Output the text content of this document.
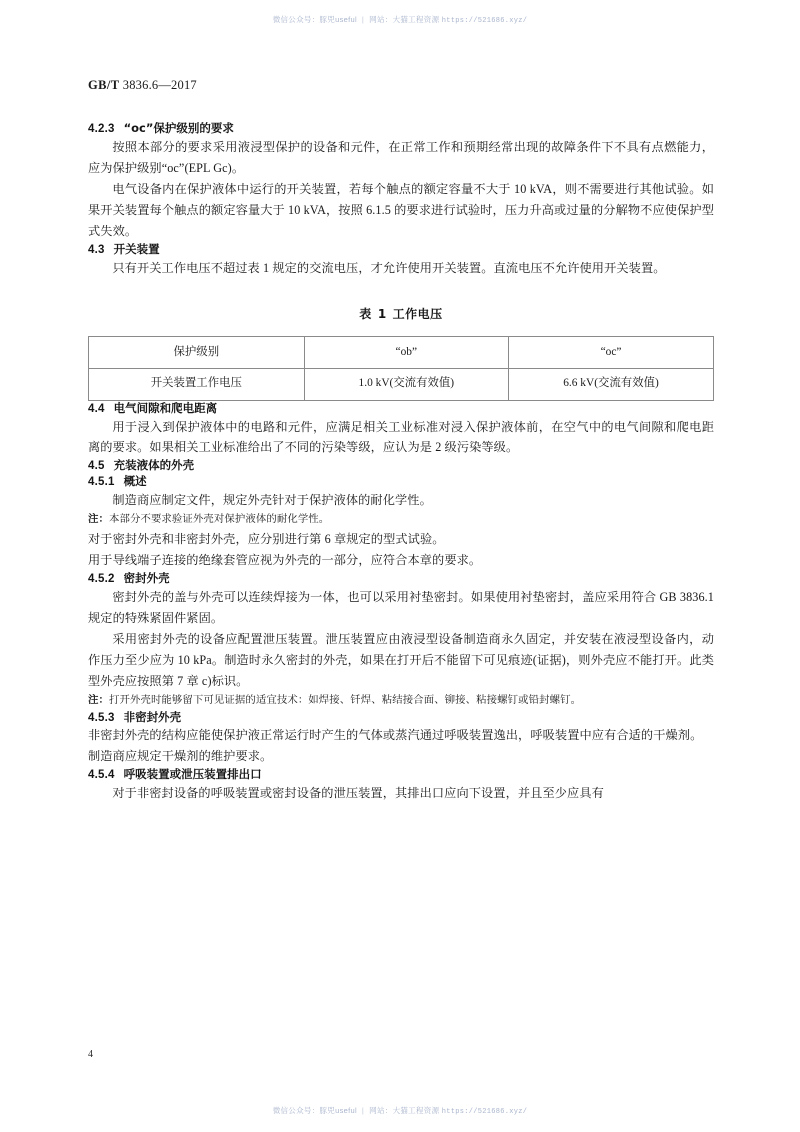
微信公众号：豚兕useful | 网站：大猫工程资源 https://521686.xyz/
GB/T 3836.6—2017
4.2.3 “oc”保护级别的要求

按照本部分的要求采用液浸型保护的设备和元件，在正常工作和预期经常出现的故障条件下不具有点燃能力，应为保护级别“oc”(EPL Gc)。

电气设备内在保护液体中运行的开关装置，若每个触点的额定容量不大于 10 kVA，则不需要进行其他试验。如果开关装置每个触点的额定容量大于 10 kVA，按照 6.1.5 的要求进行试验时，压力升高或过量的分解物不应使保护型式失效。

4.3 开关装置

只有开关工作电压不超过表 1 规定的交流电压，才允许使用开关装置。直流电压不允许使用开关装置。

表 1 工作电压
保护级别	“ob”	“oc”
开关装置工作电压	1.0 kV(交流有效值)	6.6 kV(交流有效值)
4.4 电气间隙和爬电距离

用于浸入到保护液体中的电路和元件，应满足相关工业标准对浸入保护液体前，在空气中的电气间隙和爬电距离的要求。如果相关工业标准给出了不同的污染等级，应认为是 2 级污染等级。

4.5 充装液体的外壳
4.5.1 概述

制造商应制定文件，规定外壳针对于保护液体的耐化学性。

注：本部分不要求验证外壳对保护液体的耐化学性。

对于密封外壳和非密封外壳，应分别进行第 6 章规定的型式试验。

用于导线端子连接的绝缘套管应视为外壳的一部分，应符合本章的要求。

4.5.2 密封外壳

密封外壳的盖与外壳可以连续焊接为一体，也可以采用衬垫密封。如果使用衬垫密封，盖应采用符合 GB 3836.1 规定的特殊紧固件紧固。

采用密封外壳的设备应配置泄压装置。泄压装置应由液浸型设备制造商永久固定，并安装在液浸型设备内，动作压力至少应为 10 kPa。制造时永久密封的外壳，如果在打开后不能留下可见痕迹(证据)，则外壳应不能打开。此类型外壳应按照第 7 章 c)标识。

注：打开外壳时能够留下可见证据的适宜技术：如焊接、钎焊、粘结接合面、铆接、粘接螺钉或铅封螺钉。

4.5.3 非密封外壳

非密封外壳的结构应能使保护液正常运行时产生的气体或蒸汽通过呼吸装置逸出，呼吸装置中应有合适的干燥剂。制造商应规定干燥剂的维护要求。

4.5.4 呼吸装置或泄压装置排出口

对于非密封设备的呼吸装置或密封设备的泄压装置，其排出口应向下设置，并且至少应具有

4
微信公众号：豚兕useful | 网站：大猫工程资源 https://521686.xyz/
